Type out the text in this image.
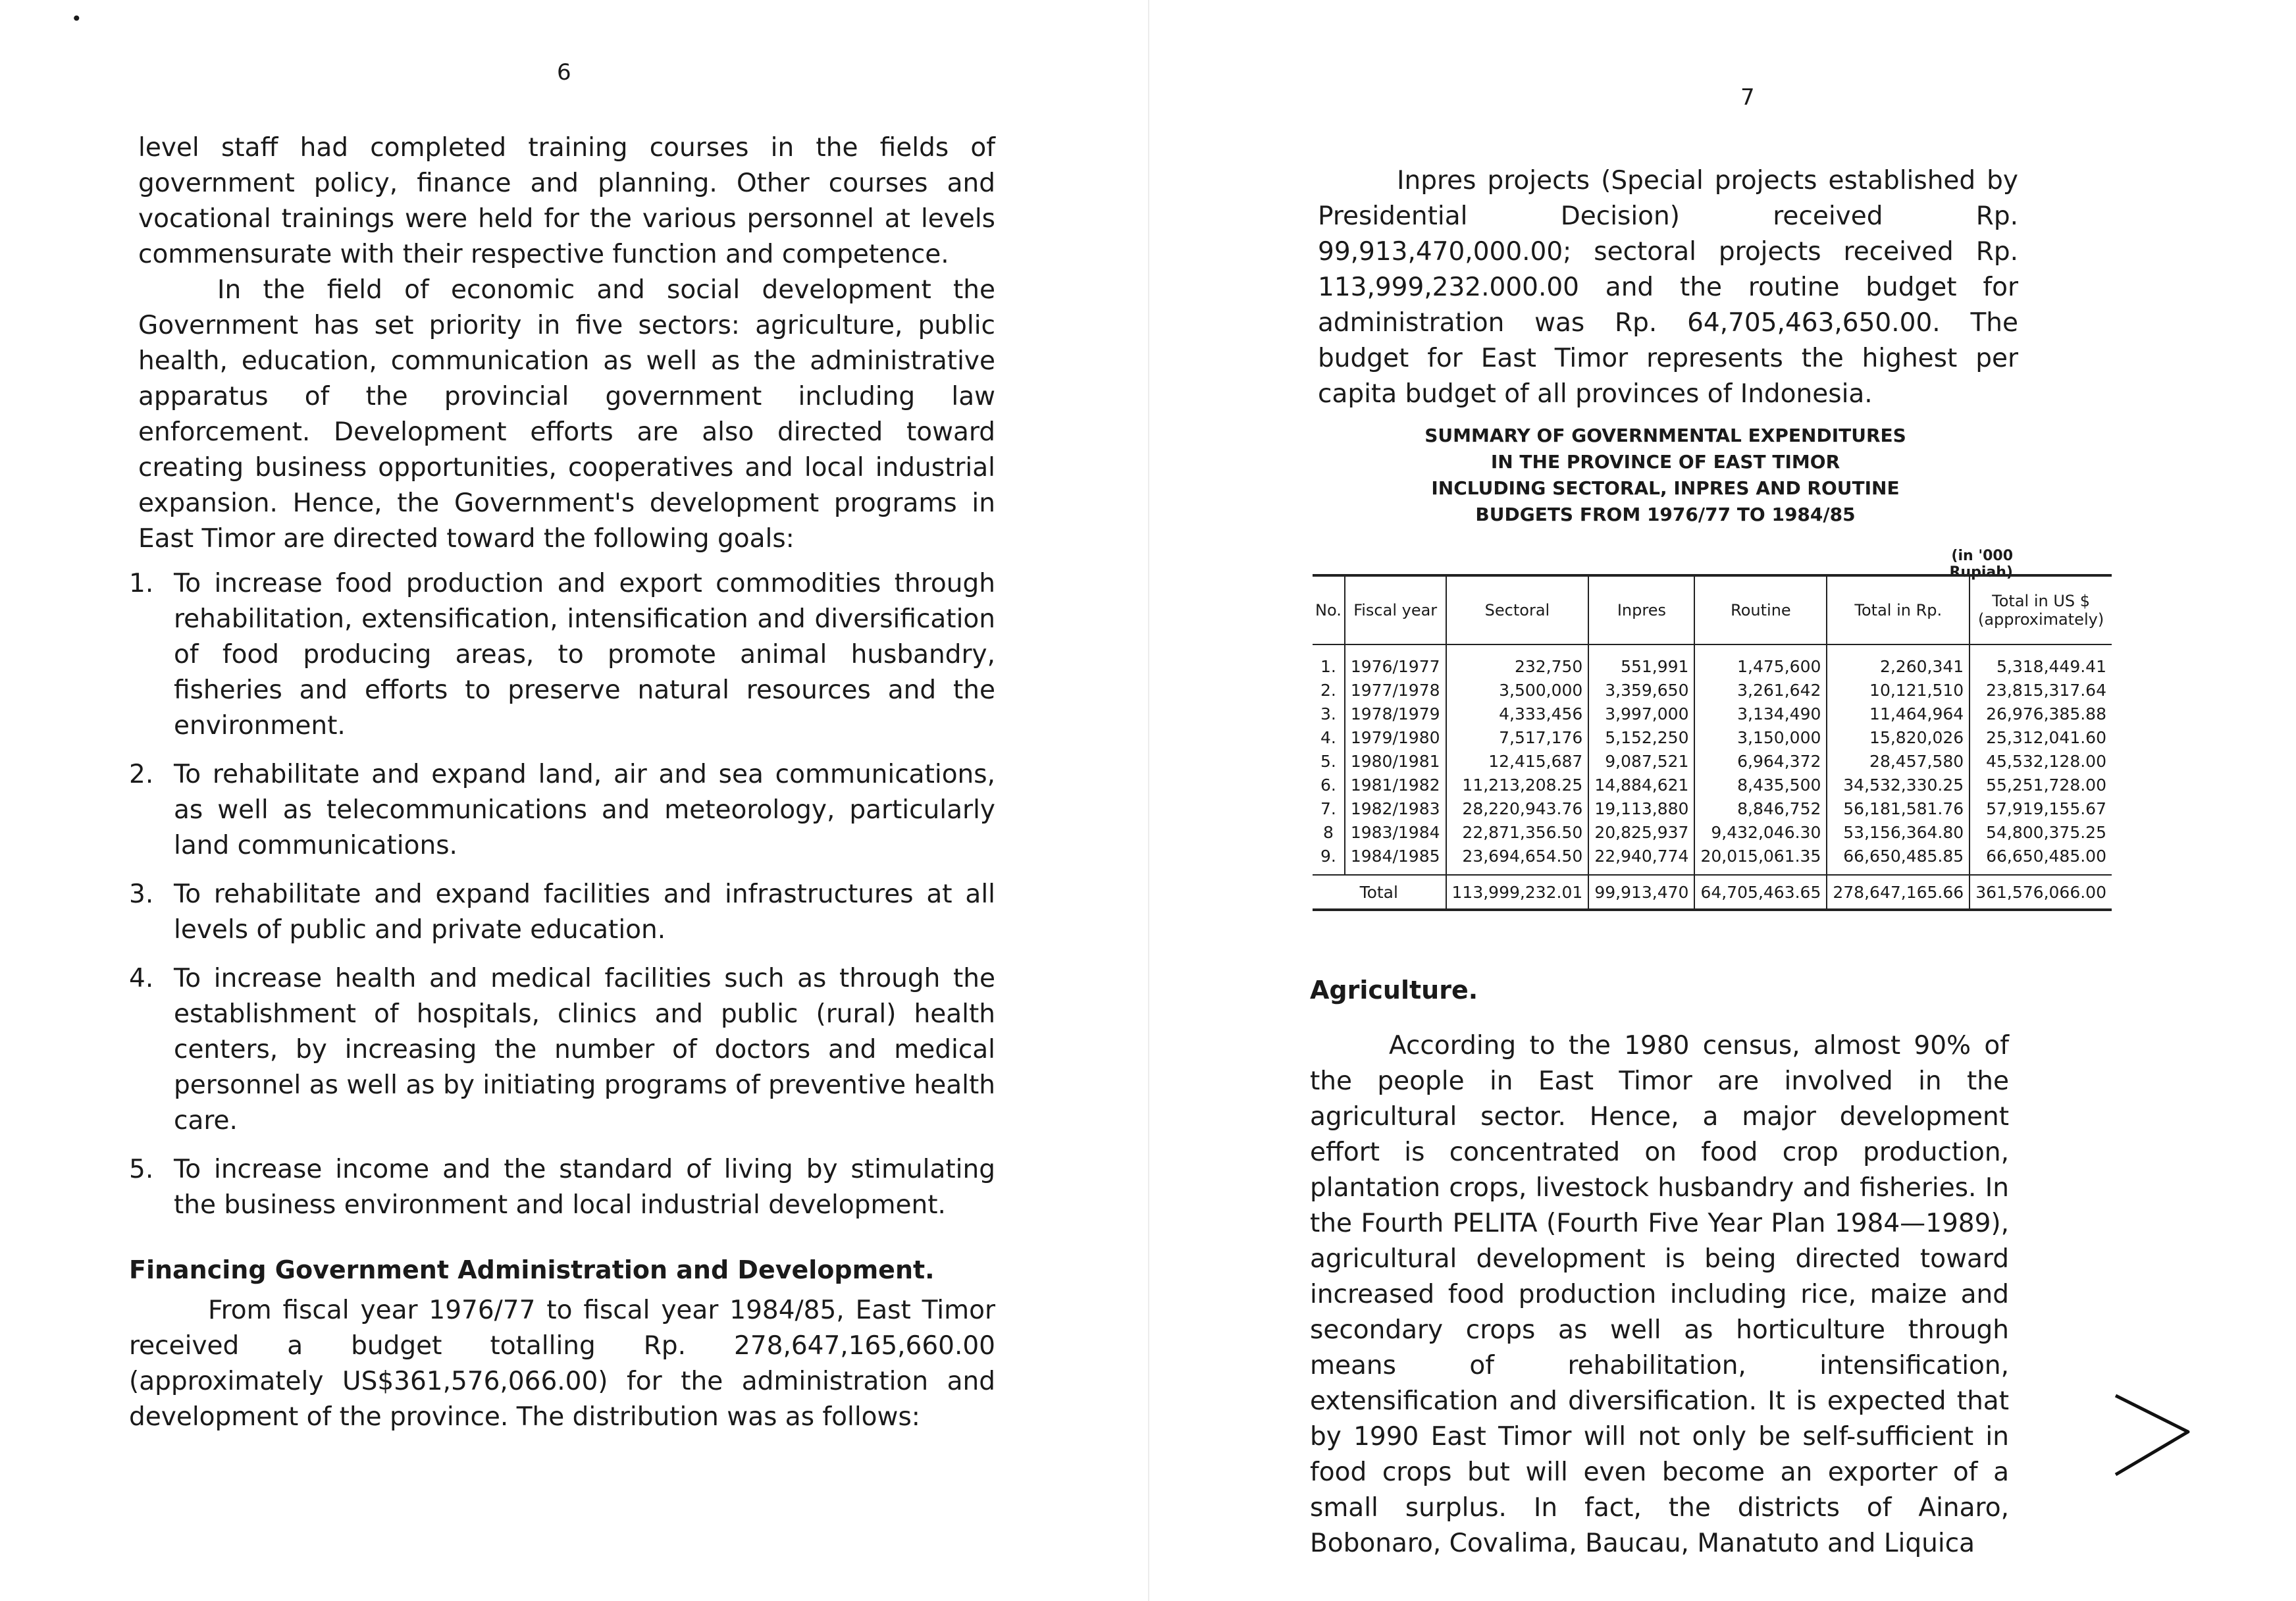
•
6

level staff had completed training courses in the fields of government policy, finance and planning. Other courses and vocational trainings were held for the various personnel at levels commensurate with their respective function and competence.

In the field of economic and social development the Government has set priority in five sectors: agriculture, public health, education, communication as well as the administrative apparatus of the provincial government including law enforcement. Development efforts are also directed toward creating business opportunities, cooperatives and local industrial expansion. Hence, the Government's development programs in East Timor are directed toward the following goals:

1. To increase food production and export commodities through rehabilitation, extensification, intensification and diversification of food producing areas, to promote animal husbandry, fisheries and efforts to preserve natural resources and the environment.
2. To rehabilitate and expand land, air and sea communications, as well as telecommunications and meteorology, particularly land communications.
3. To rehabilitate and expand facilities and infrastructures at all levels of public and private education.
4. To increase health and medical facilities such as through the establishment of hospitals, clinics and public (rural) health centers, by increasing the number of doctors and medical personnel as well as by initiating programs of preventive health care.
5. To increase income and the standard of living by stimulating the business environment and local industrial development.
Financing Government Administration and Development.

From fiscal year 1976/77 to fiscal year 1984/85, East Timor received a budget totalling Rp. 278,647,165,660.00 (approximately US$361,576,066.00) for the administration and development of the province. The distribution was as follows:

7

Inpres projects (Special projects established by Presidential Decision) received Rp. 99,913,470,000.00; sectoral projects received Rp. 113,999,232.000.00 and the routine budget for administration was Rp. 64,705,463,650.00. The budget for East Timor represents the highest per capita budget of all provinces of Indonesia.

SUMMARY OF GOVERNMENTAL EXPENDITURES
IN THE PROVINCE OF EAST TIMOR
INCLUDING SECTORAL, INPRES AND ROUTINE
BUDGETS FROM 1976/77 TO 1984/85
(in '000 Rupiah)
No.	Fiscal year	Sectoral	Inpres	Routine	Total in Rp.	Total in US $ (approximately)
1.	1976/1977	232,750	551,991	1,475,600	2,260,341	5,318,449.41
2.	1977/1978	3,500,000	3,359,650	3,261,642	10,121,510	23,815,317.64
3.	1978/1979	4,333,456	3,997,000	3,134,490	11,464,964	26,976,385.88
4.	1979/1980	7,517,176	5,152,250	3,150,000	15,820,026	25,312,041.60
5.	1980/1981	12,415,687	9,087,521	6,964,372	28,457,580	45,532,128.00
6.	1981/1982	11,213,208.25	14,884,621	8,435,500	34,532,330.25	55,251,728.00
7.	1982/1983	28,220,943.76	19,113,880	8,846,752	56,181,581.76	57,919,155.67
8	1983/1984	22,871,356.50	20,825,937	9,432,046.30	53,156,364.80	54,800,375.25
9.	1984/1985	23,694,654.50	22,940,774	20,015,061.35	66,650,485.85	66,650,485.00
Total		113,999,232.01	99,913,470	64,705,463.65	278,647,165.66	361,576,066.00
Agriculture.

According to the 1980 census, almost 90% of the people in East Timor are involved in the agricultural sector. Hence, a major development effort is concentrated on food crop production, plantation crops, livestock husbandry and fisheries. In the Fourth PELITA (Fourth Five Year Plan 1984—1989), agricultural development is being directed toward increased food production including rice, maize and secondary crops as well as horticulture through means of rehabilitation, intensification, extensification and diversification. It is expected that by 1990 East Timor will not only be self-sufficient in food crops but will even become an exporter of a small surplus. In fact, the districts of Ainaro, Bobonaro, Covalima, Baucau, Manatuto and Liquica
